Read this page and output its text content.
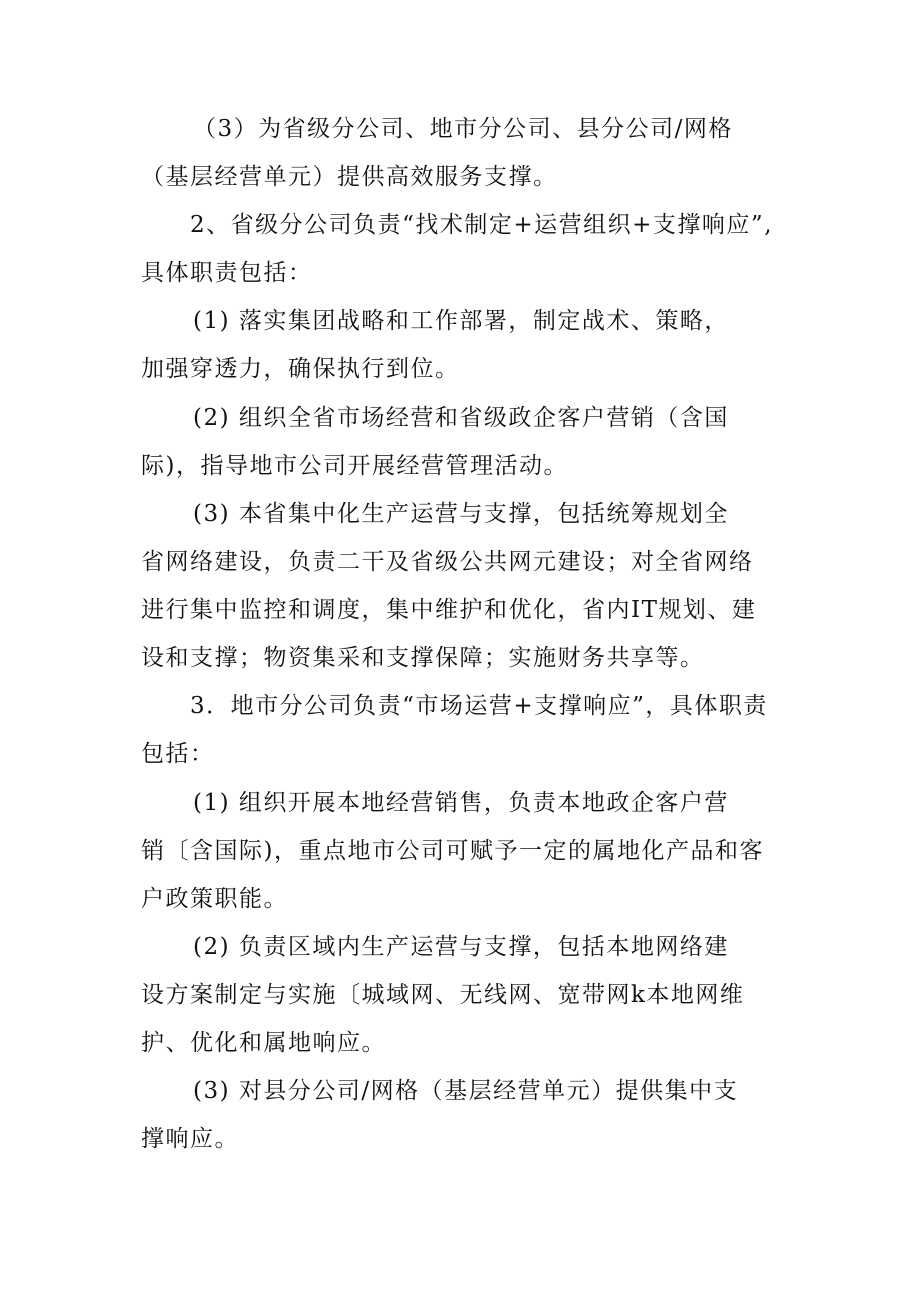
（3）为省级分公司、地市分公司、县分公司/网格

（基层经营单元）提供高效服务支撑。

2、省级分公司负责“找术制定+运营组织+支撑响应”,

具体职责包括：

(1) 落实集团战略和工作部署，制定战术、策略，

加强穿透力，确保执行到位。

(2) 组织全省市场经营和省级政企客户营销（含国

际)，指导地市公司开展经营管理活动。

(3) 本省集中化生产运营与支撑，包括统筹规划全

省网络建设，负责二干及省级公共网元建设；对全省网络

进行集中监控和调度，集中维护和优化，省内IT规划、建

设和支撑；物资集采和支撑保障；实施财务共享等。

3．地市分公司负责“市场运营+支撑响应”，具体职责

包括：

(1) 组织开展本地经营销售，负责本地政企客户营

销〔含国际)，重点地市公司可赋予一定的属地化产品和客

户政策职能。

(2) 负责区域内生产运营与支撑，包括本地网络建

设方案制定与实施〔城域网、无线网、宽带网k本地网维

护、优化和属地响应。

(3) 对县分公司/网格（基层经营单元）提供集中支

撑响应。
